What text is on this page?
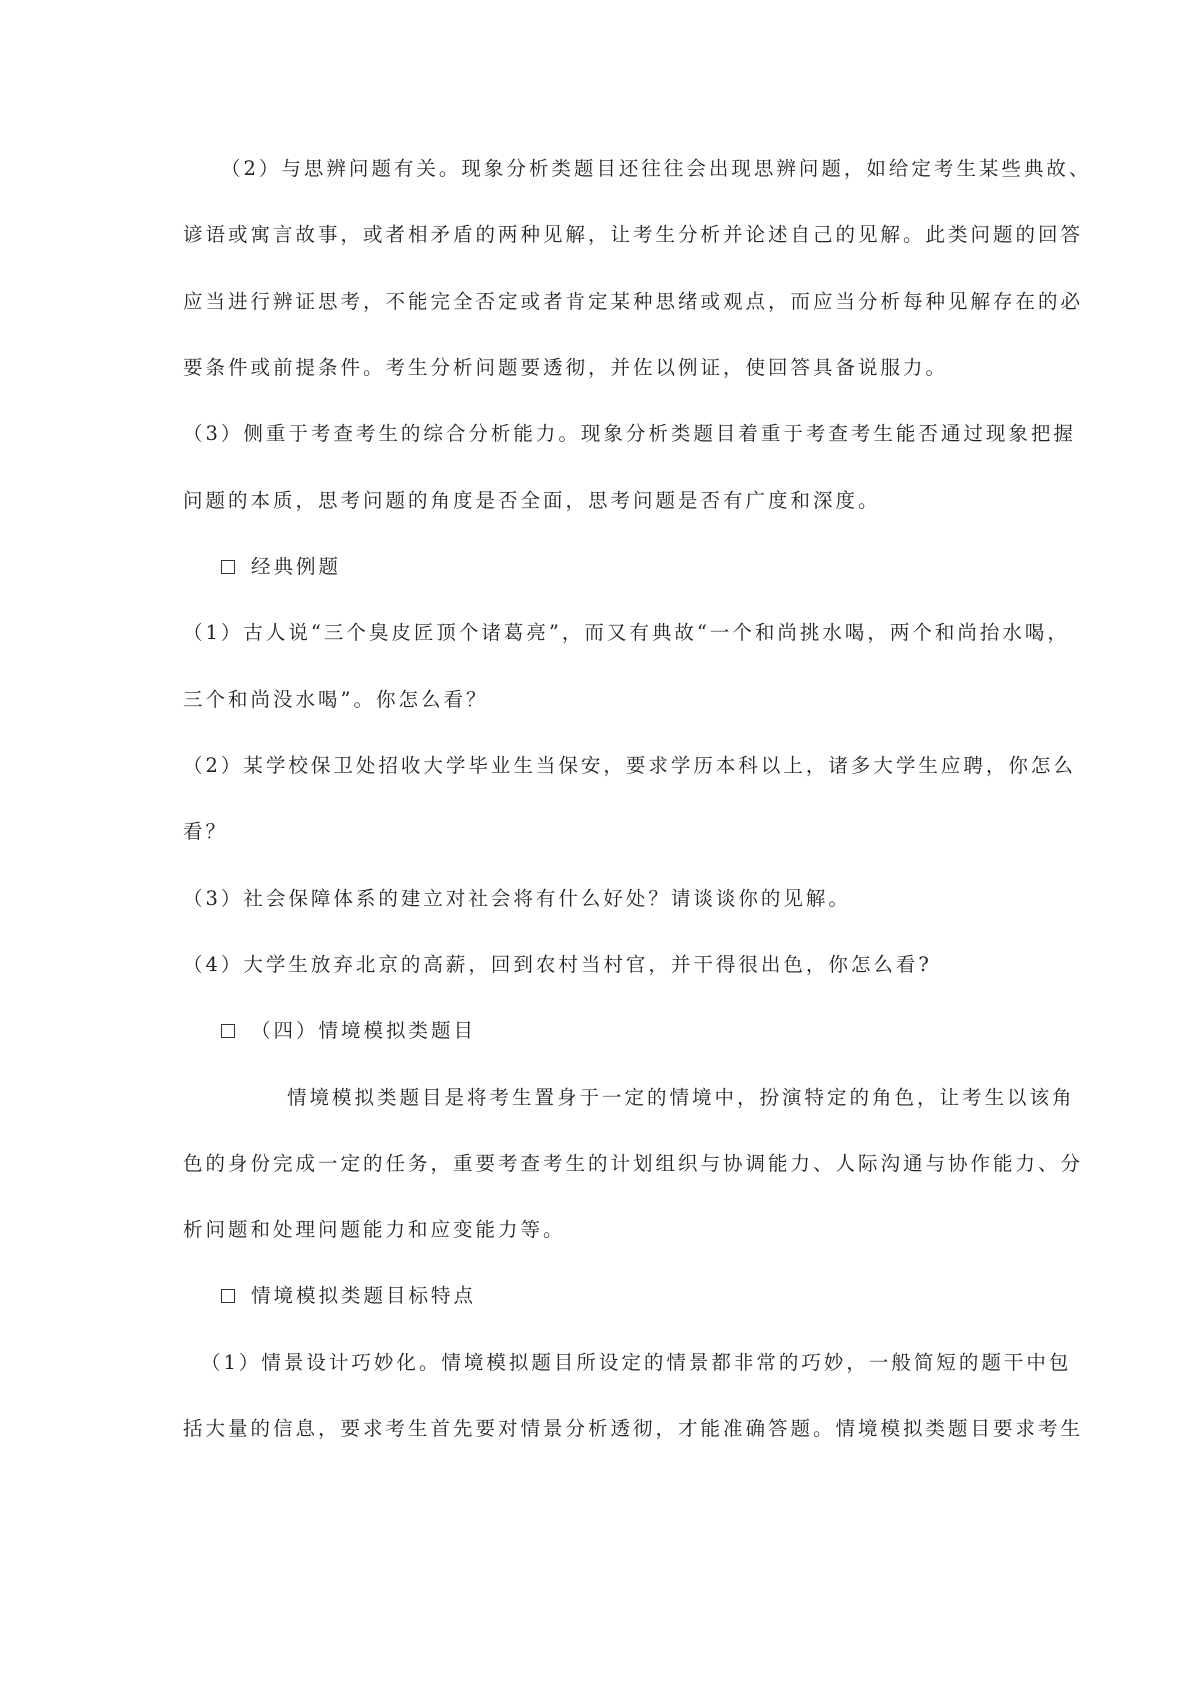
（2）与思辨问题有关。现象分析类题目还往往会出现思辨问题，如给定考生某些典故、
谚语或寓言故事，或者相矛盾的两种见解，让考生分析并论述自己的见解。此类问题的回答
应当进行辨证思考，不能完全否定或者肯定某种思绪或观点，而应当分析每种见解存在的必
要条件或前提条件。考生分析问题要透彻，并佐以例证，使回答具备说服力。
（3）侧重于考查考生的综合分析能力。现象分析类题目着重于考查考生能否通过现象把握
问题的本质，思考问题的角度是否全面，思考问题是否有广度和深度。
经典例题
（1）古人说“三个臭皮匠顶个诸葛亮”，而又有典故“一个和尚挑水喝，两个和尚抬水喝，
三个和尚没水喝”。你怎么看？
（2）某学校保卫处招收大学毕业生当保安，要求学历本科以上，诸多大学生应聘，你怎么
看？
（3）社会保障体系的建立对社会将有什么好处？请谈谈你的见解。
（4）大学生放弃北京的高薪，回到农村当村官，并干得很出色，你怎么看?
（四）情境模拟类题目
情境模拟类题目是将考生置身于一定的情境中，扮演特定的角色，让考生以该角
色的身份完成一定的任务，重要考查考生的计划组织与协调能力、人际沟通与协作能力、分
析问题和处理问题能力和应变能力等。
情境模拟类题目标特点
（1）情景设计巧妙化。情境模拟题目所设定的情景都非常的巧妙，一般简短的题干中包
括大量的信息，要求考生首先要对情景分析透彻，才能准确答题。情境模拟类题目要求考生
